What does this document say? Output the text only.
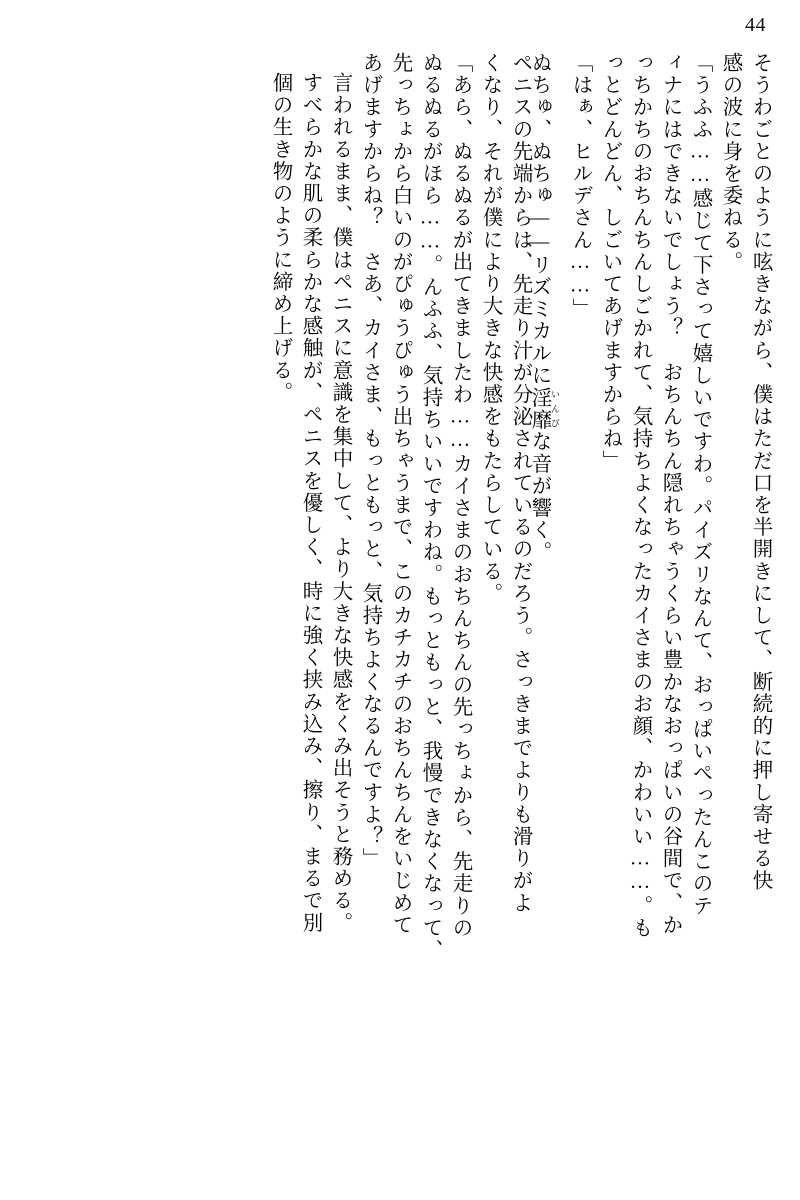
44
そうわごとのように呟きながら、僕はただ口を半開きにして、断続的に押し寄せる快
感の波に身を委ねる。
「うふふ……感じて下さって嬉しいですわ。パイズリなんて、おっぱいぺったんこのテ
ィナにはできないでしょう？　おちんちん隠れちゃうくらい豊かなおっぱいの谷間で、か
っちかちのおちんちんしごかれて、気持ちよくなったカイさまのお顔、かわいい……。も
っとどんどん、しごいてあげますからね」
「はぁ、ヒルデさん……」
ぬちゅ、ぬちゅ——リズミカルに淫靡 いんびな音が響く。
ペニスの先端からは、先走り汁が分泌されているのだろう。さっきまでよりも滑りがよ
くなり、それが僕により大きな快感をもたらしている。
「あら、ぬるぬるが出てきましたわ……カイさまのおちんちんの先っちょから、先走りの
ぬるぬるがほら……。んふふ、気持ちいいですわね。もっともっと、我慢できなくなって、
先っちょから白いのがぴゅうぴゅう出ちゃうまで、このカチカチのおちんちんをいじめて
あげますからね？　さあ、カイさま、もっともっと、気持ちよくなるんですよ？」
言われるまま、僕はペニスに意識を集中して、より大きな快感をくみ出そうと務める。
すべらかな肌の柔らかな感触が、ペニスを優しく、時に強く挟み込み、擦り、まるで別
個の生き物のように締め上げる。
